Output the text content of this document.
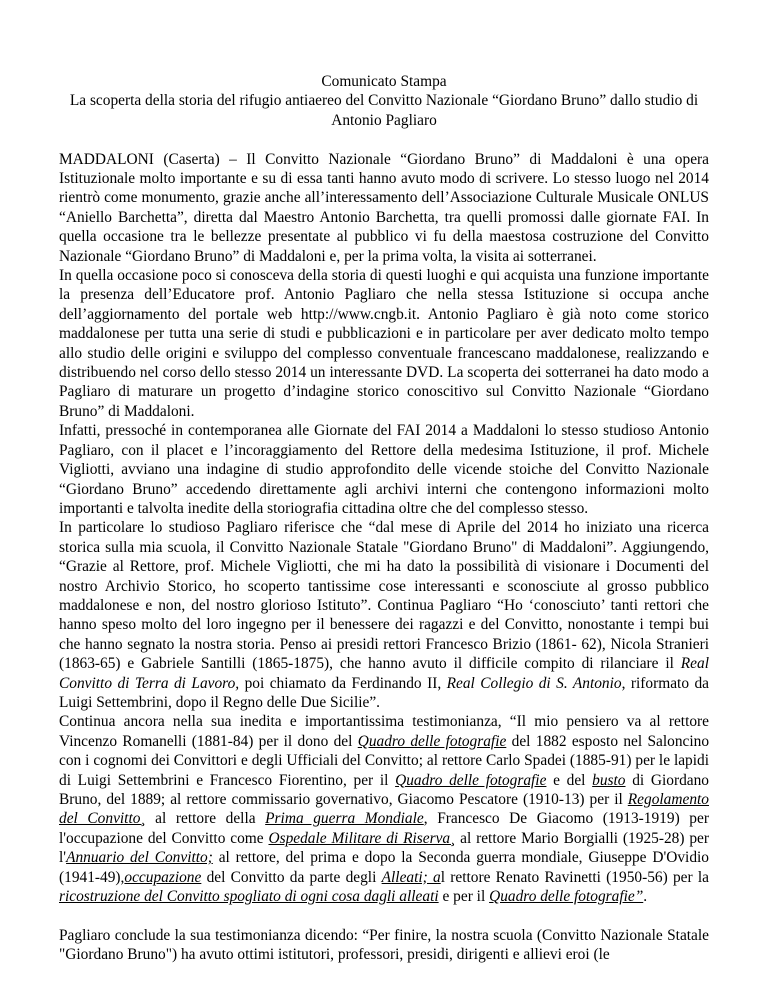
Comunicato Stampa

La scoperta della storia del rifugio antiaereo del Convitto Nazionale “Giordano Bruno” dallo studio di Antonio Pagliaro

MADDALONI (Caserta) – Il Convitto Nazionale “Giordano Bruno” di Maddaloni è una opera Istituzionale molto importante e su di essa tanti hanno avuto modo di scrivere. Lo stesso luogo nel 2014 rientrò come monumento, grazie anche all’interessamento dell’Associazione Culturale Musicale ONLUS “Aniello Barchetta”, diretta dal Maestro Antonio Barchetta, tra quelli promossi dalle giornate FAI. In quella occasione tra le bellezze presentate al pubblico vi fu della maestosa costruzione del Convitto Nazionale “Giordano Bruno” di Maddaloni e, per la prima volta, la visita ai sotterranei.

In quella occasione poco si conosceva della storia di questi luoghi e qui acquista una funzione importante la presenza dell’Educatore prof. Antonio Pagliaro che nella stessa Istituzione si occupa anche dell’aggiornamento del portale web http://www.cngb.it. Antonio Pagliaro è già noto come storico maddalonese per tutta una serie di studi e pubblicazioni e in particolare per aver dedicato molto tempo allo studio delle origini e sviluppo del complesso conventuale francescano maddalonese, realizzando e distribuendo nel corso dello stesso 2014 un interessante DVD. La scoperta dei sotterranei ha dato modo a Pagliaro di maturare un progetto d’indagine storico conoscitivo sul Convitto Nazionale “Giordano Bruno” di Maddaloni.

Infatti, pressoché in contemporanea alle Giornate del FAI 2014 a Maddaloni lo stesso studioso Antonio Pagliaro, con il placet e l’incoraggiamento del Rettore della medesima Istituzione, il prof. Michele Vigliotti, avviano una indagine di studio approfondito delle vicende stoiche del Convitto Nazionale “Giordano Bruno” accedendo direttamente agli archivi interni che contengono informazioni molto importanti e talvolta inedite della storiografia cittadina oltre che del complesso stesso.

In particolare lo studioso Pagliaro riferisce che “dal mese di Aprile del 2014 ho iniziato una ricerca storica sulla mia scuola, il Convitto Nazionale Statale "Giordano Bruno" di Maddaloni”. Aggiungendo, “Grazie al Rettore, prof. Michele Vigliotti, che mi ha dato la possibilità di visionare i Documenti del nostro Archivio Storico, ho scoperto tantissime cose interessanti e sconosciute al grosso pubblico maddalonese e non, del nostro glorioso Istituto”. Continua Pagliaro “Ho ‘conosciuto’ tanti rettori che hanno speso molto del loro ingegno per il benessere dei ragazzi e del Convitto, nonostante i tempi bui che hanno segnato la nostra storia. Penso ai presidi rettori Francesco Brizio (1861- 62), Nicola Stranieri (1863-65) e Gabriele Santilli (1865-1875), che hanno avuto il difficile compito di rilanciare il Real Convitto di Terra di Lavoro, poi chiamato da Ferdinando II, Real Collegio di S. Antonio, riformato da Luigi Settembrini, dopo il Regno delle Due Sicilie”.

Continua ancora nella sua inedita e importantissima testimonianza, “Il mio pensiero va al rettore Vincenzo Romanelli (1881-84) per il dono del Quadro delle fotografie del 1882 esposto nel Saloncino con i cognomi dei Convittori e degli Ufficiali del Convitto; al rettore Carlo Spadei (1885-91) per le lapidi di Luigi Settembrini e Francesco Fiorentino, per il Quadro delle fotografie e del busto di Giordano Bruno, del 1889; al rettore commissario governativo, Giacomo Pescatore (1910-13) per il Regolamento del Convitto¸ al rettore della Prima guerra Mondiale, Francesco De Giacomo (1913-1919) per l'occupazione del Convitto come Ospedale Militare di Riserva¸ al rettore Mario Borgialli (1925-28) per l'Annuario del Convitto; al rettore, del prima e dopo la Seconda guerra mondiale, Giuseppe D'Ovidio (1941-49),occupazione del Convitto da parte degli Alleati; al rettore Renato Ravinetti (1950-56) per la ricostruzione del Convitto spogliato di ogni cosa dagli alleati e per il Quadro delle fotografie”.

Pagliaro conclude la sua testimonianza dicendo: “Per finire, la nostra scuola (Convitto Nazionale Statale "Giordano Bruno") ha avuto ottimi istitutori, professori, presidi, dirigenti e allievi eroi (le
